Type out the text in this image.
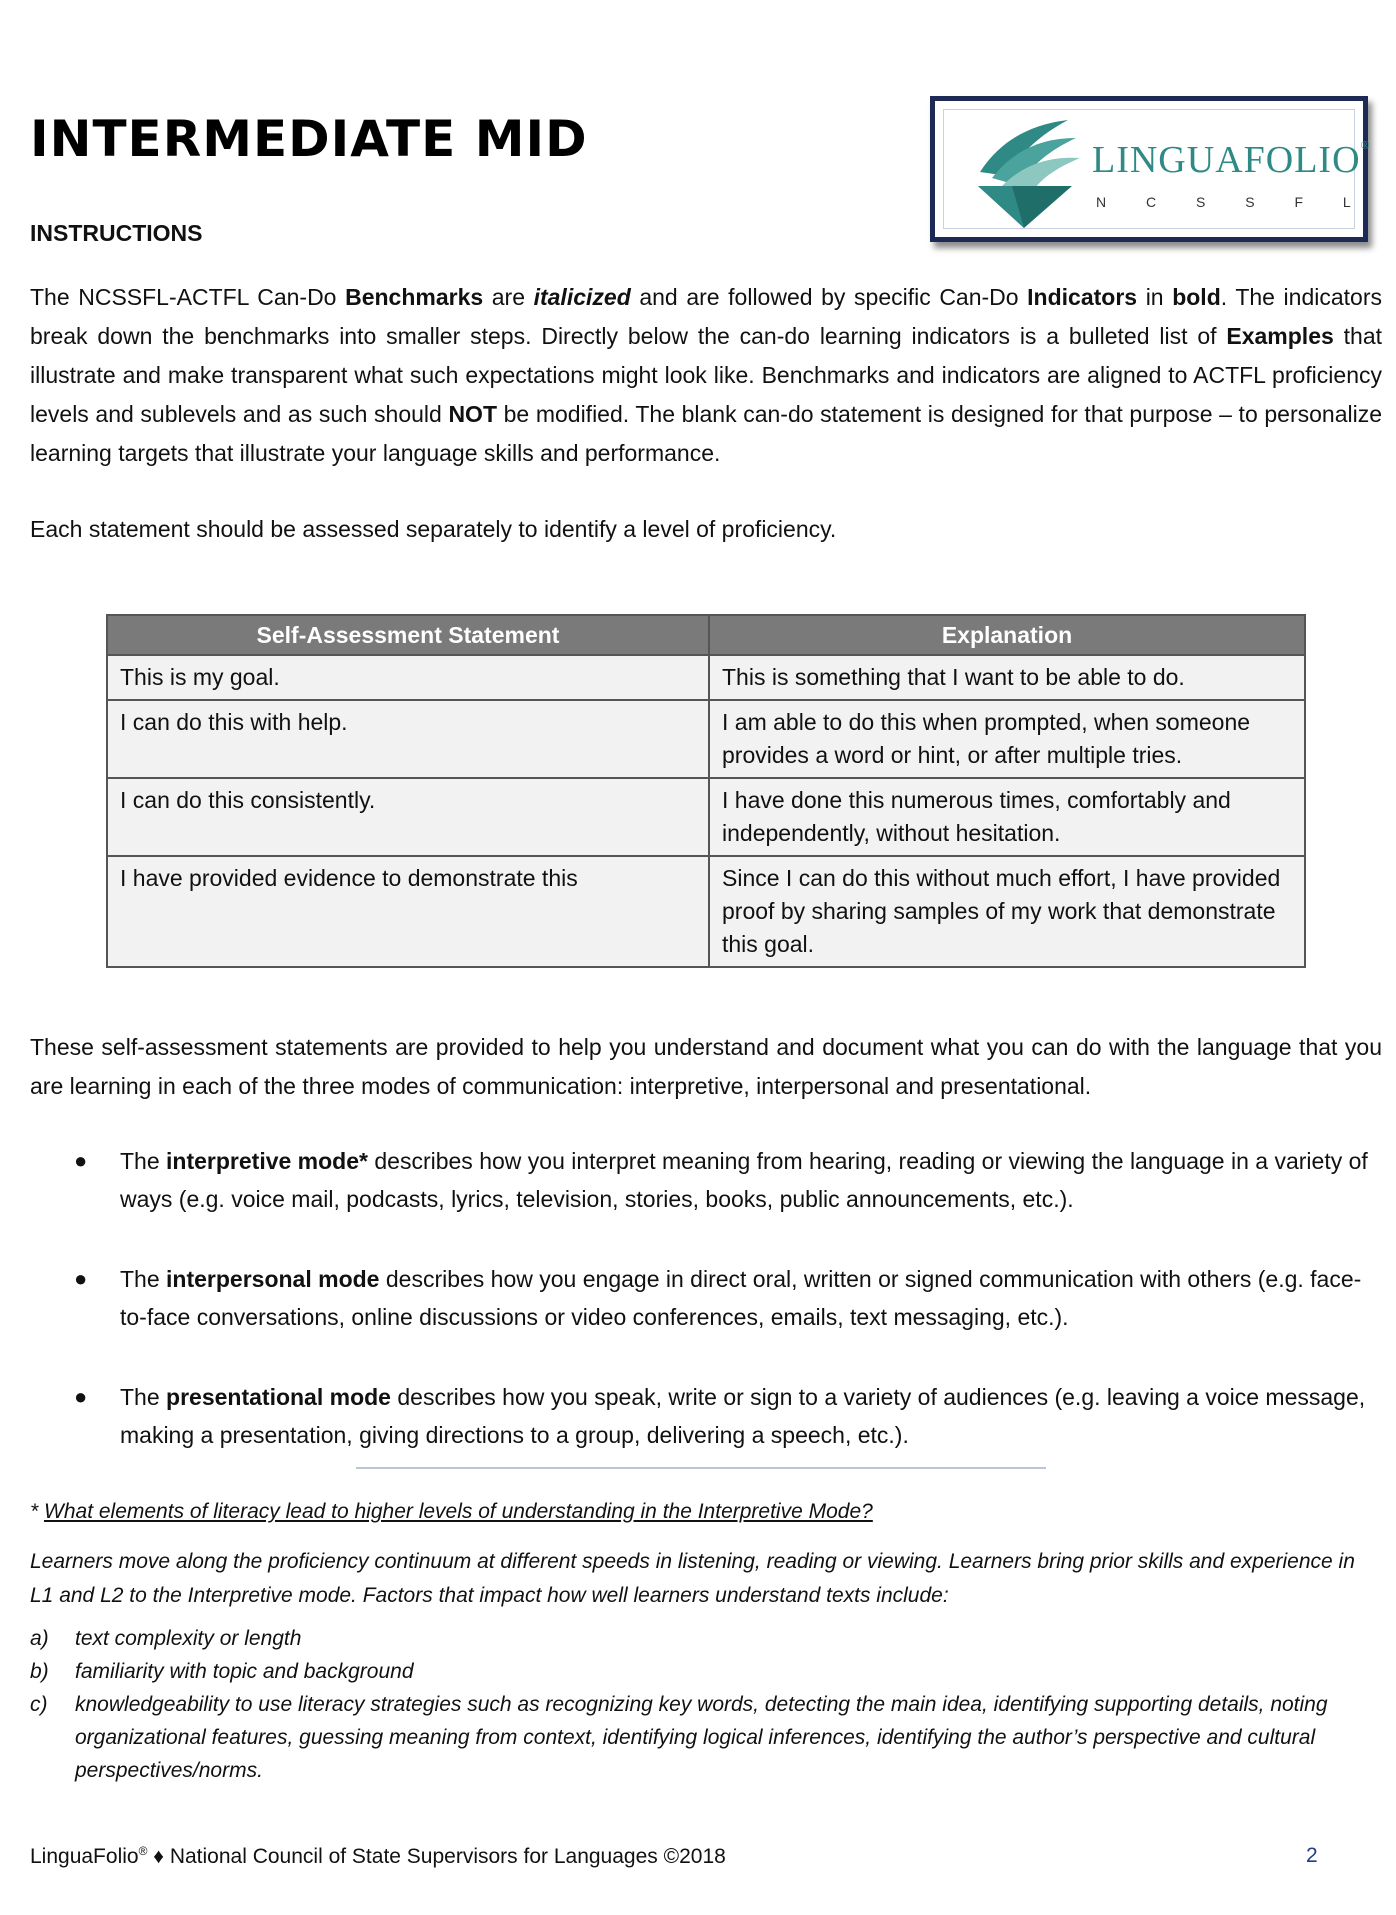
INTERMEDIATE MID	LINGUAFOLIO®
N C S S F L

INSTRUCTIONS

The NCSSFL-ACTFL Can-Do Benchmarks are italicized and are followed by specific Can-Do Indicators in bold. The indicators break down the benchmarks into smaller steps. Directly below the can-do learning indicators is a bulleted list of Examples that illustrate and make transparent what such expectations might look like. Benchmarks and indicators are aligned to ACTFL proficiency levels and sublevels and as such should NOT be modified. The blank can-do statement is designed for that purpose – to personalize learning targets that illustrate your language skills and performance.

Each statement should be assessed separately to identify a level of proficiency.

Self-Assessment Statement	Explanation
This is my goal.	This is something that I want to be able to do.
I can do this with help.	I am able to do this when prompted, when someone provides a word or hint, or after multiple tries.
I can do this consistently.	I have done this numerous times, comfortably and independently, without hesitation.
I have provided evidence to demonstrate this	Since I can do this without much effort, I have provided proof by sharing samples of my work that demonstrate this goal.

These self-assessment statements are provided to help you understand and document what you can do with the language that you are learning in each of the three modes of communication: interpretive, interpersonal and presentational.

● The interpretive mode* describes how you interpret meaning from hearing, reading or viewing the language in a variety of ways (e.g. voice mail, podcasts, lyrics, television, stories, books, public announcements, etc.).
● The interpersonal mode describes how you engage in direct oral, written or signed communication with others (e.g. face-to-face conversations, online discussions or video conferences, emails, text messaging, etc.).
● The presentational mode describes how you speak, write or sign to a variety of audiences (e.g. leaving a voice message, making a presentation, giving directions to a group, delivering a speech, etc.).

* What elements of literacy lead to higher levels of understanding in the Interpretive Mode?

Learners move along the proficiency continuum at different speeds in listening, reading or viewing. Learners bring prior skills and experience in L1 and L2 to the Interpretive mode. Factors that impact how well learners understand texts include:

a) text complexity or length
b) familiarity with topic and background
c) knowledgeability to use literacy strategies such as recognizing key words, detecting the main idea, identifying supporting details, noting organizational features, guessing meaning from context, identifying logical inferences, identifying the author’s perspective and cultural perspectives/norms.

LinguaFolio® ♦ National Council of State Supervisors for Languages ©2018	2
